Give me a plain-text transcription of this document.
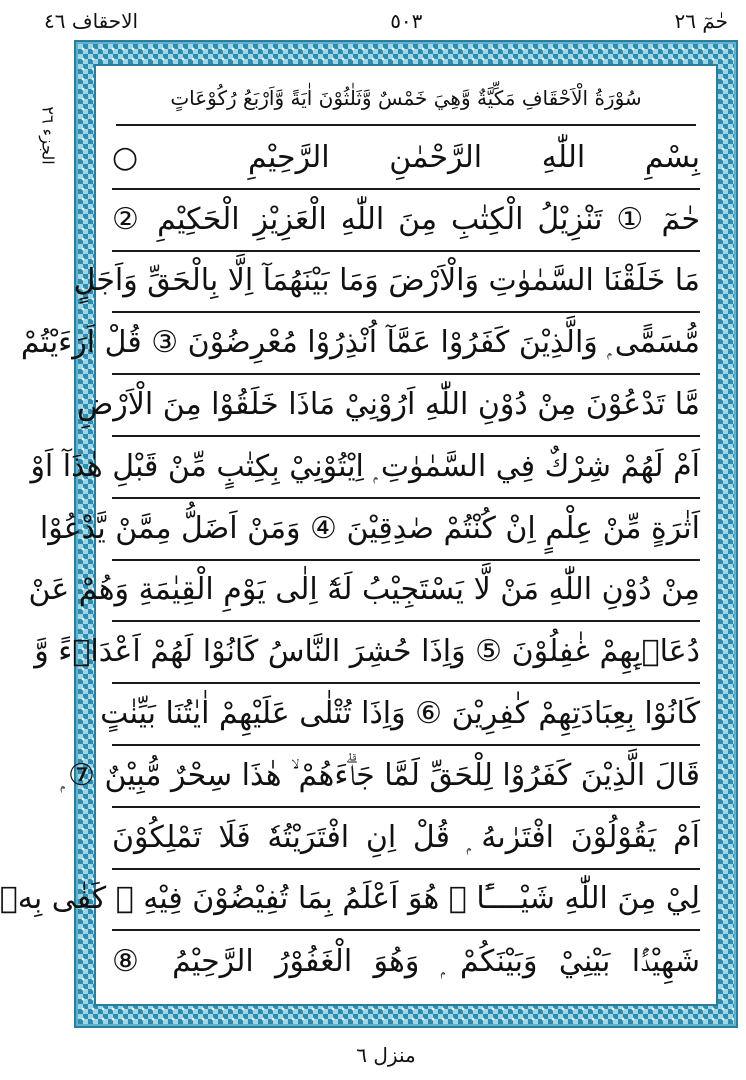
حٰمٓ ٢٦
٥٠٣
الاحقاف ٤٦
الجزء ٢٦
سُوْرَةُ الْاَحْقَافِ مَكِّيَّةٌ وَّهِيَ خَمْسٌ وَّثَلٰثُوْنَ اٰيَةً وَّاَرْبَعُ رُكُوْعَاتٍ
بِسْمِ اللّٰهِ الرَّحْمٰنِ الرَّحِيْمِ ○
حٰمٓ ① تَنْزِيْلُ الْكِتٰبِ مِنَ اللّٰهِ الْعَزِيْزِ الْحَكِيْمِ ②
مَا خَلَقْنَا السَّمٰوٰتِ وَالْاَرْضَ وَمَا بَيْنَهُمَآ اِلَّا بِالْحَقِّ وَاَجَلٍ
مُّسَمًّى ۭ وَالَّذِيْنَ كَفَرُوْا عَمَّآ اُنْذِرُوْا مُعْرِضُوْنَ ③ قُلْ اَرَءَيْتُمْ
مَّا تَدْعُوْنَ مِنْ دُوْنِ اللّٰهِ اَرُوْنِيْ مَاذَا خَلَقُوْا مِنَ الْاَرْضِ
اَمْ لَهُمْ شِرْكٌ فِي السَّمٰوٰتِ ۭ اِيْتُوْنِيْ بِكِتٰبٍ مِّنْ قَبْلِ هٰذَآ اَوْ
اَثٰرَةٍ مِّنْ عِلْمٍ اِنْ كُنْتُمْ صٰدِقِيْنَ ④ وَمَنْ اَضَلُّ مِمَّنْ يَّدْعُوْا
مِنْ دُوْنِ اللّٰهِ مَنْ لَّا يَسْتَجِيْبُ لَهٗٓ اِلٰى يَوْمِ الْقِيٰمَةِ وَهُمْ عَنْ
دُعَاۗىِٕهِمْ غٰفِلُوْنَ ⑤ وَاِذَا حُشِرَ النَّاسُ كَانُوْا لَهُمْ اَعْدَاۗءً وَّ
كَانُوْا بِعِبَادَتِهِمْ كٰفِرِيْنَ ⑥ وَاِذَا تُتْلٰى عَلَيْهِمْ اٰيٰتُنَا بَيِّنٰتٍ
قَالَ الَّذِيْنَ كَفَرُوْا لِلْحَقِّ لَمَّا جَاۗءَهُمْ ۙ هٰذَا سِحْرٌ مُّبِيْنٌ ⑦ ۭ
اَمْ يَقُوْلُوْنَ افْتَرٰىهُ ۭ قُلْ اِنِ افْتَرَيْتُهٗ فَلَا تَمْلِكُوْنَ
لِيْ مِنَ اللّٰهِ شَيْــــًٔا ۭ هُوَ اَعْلَمُ بِمَا تُفِيْضُوْنَ فِيْهِ ۭ كَفٰى بِهٖ
شَهِيْدًۢا بَيْنِيْ وَبَيْنَكُمْ ۭ وَهُوَ الْغَفُوْرُ الرَّحِيْمُ ⑧
منزل ٦
